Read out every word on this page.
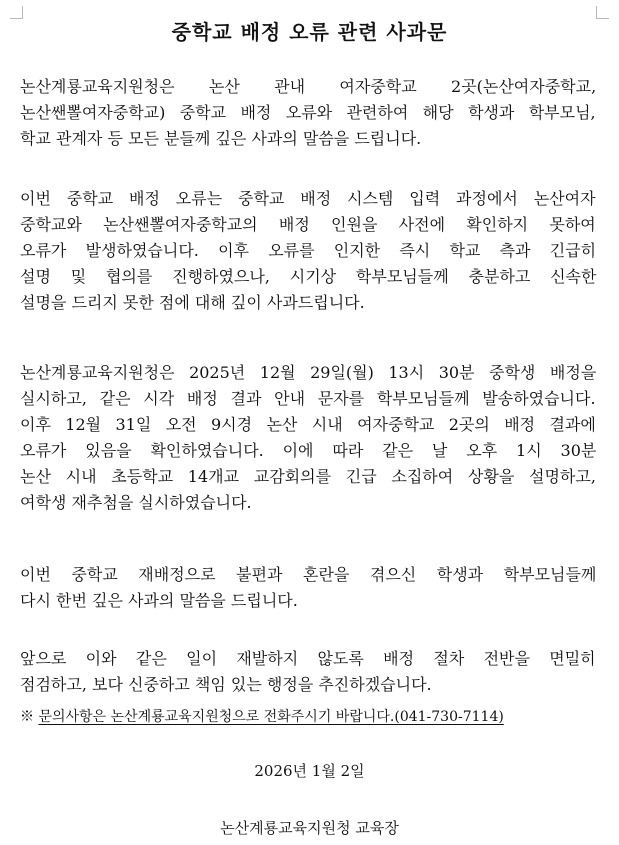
중학교 배정 오류 관련 사과문
논산계룡교육지원청은 논산 관내 여자중학교 2곳(논산여자중학교,
논산쌘뽈여자중학교) 중학교 배정 오류와 관련하여 해당 학생과 학부모님,
학교 관계자 등 모든 분들께 깊은 사과의 말씀을 드립니다.
이번 중학교 배정 오류는 중학교 배정 시스템 입력 과정에서 논산여자
중학교와 논산쌘뽈여자중학교의 배정 인원을 사전에 확인하지 못하여
오류가 발생하였습니다. 이후 오류를 인지한 즉시 학교 측과 긴급히
설명 및 협의를 진행하였으나, 시기상 학부모님들께 충분하고 신속한
설명을 드리지 못한 점에 대해 깊이 사과드립니다.
논산계룡교육지원청은 2025년 12월 29일(월) 13시 30분 중학생 배정을
실시하고, 같은 시각 배정 결과 안내 문자를 학부모님들께 발송하였습니다.
이후 12월 31일 오전 9시경 논산 시내 여자중학교 2곳의 배정 결과에
오류가 있음을 확인하였습니다. 이에 따라 같은 날 오후 1시 30분
논산 시내 초등학교 14개교 교감회의를 긴급 소집하여 상황을 설명하고,
여학생 재추첨을 실시하였습니다.
이번 중학교 재배정으로 불편과 혼란을 겪으신 학생과 학부모님들께
다시 한번 깊은 사과의 말씀을 드립니다.
앞으로 이와 같은 일이 재발하지 않도록 배정 절차 전반을 면밀히
점검하고, 보다 신중하고 책임 있는 행정을 추진하겠습니다.
※ 문의사항은 논산계룡교육지원청으로 전화주시기 바랍니다.(041-730-7114)
2026년 1월 2일
논산계룡교육지원청 교육장
